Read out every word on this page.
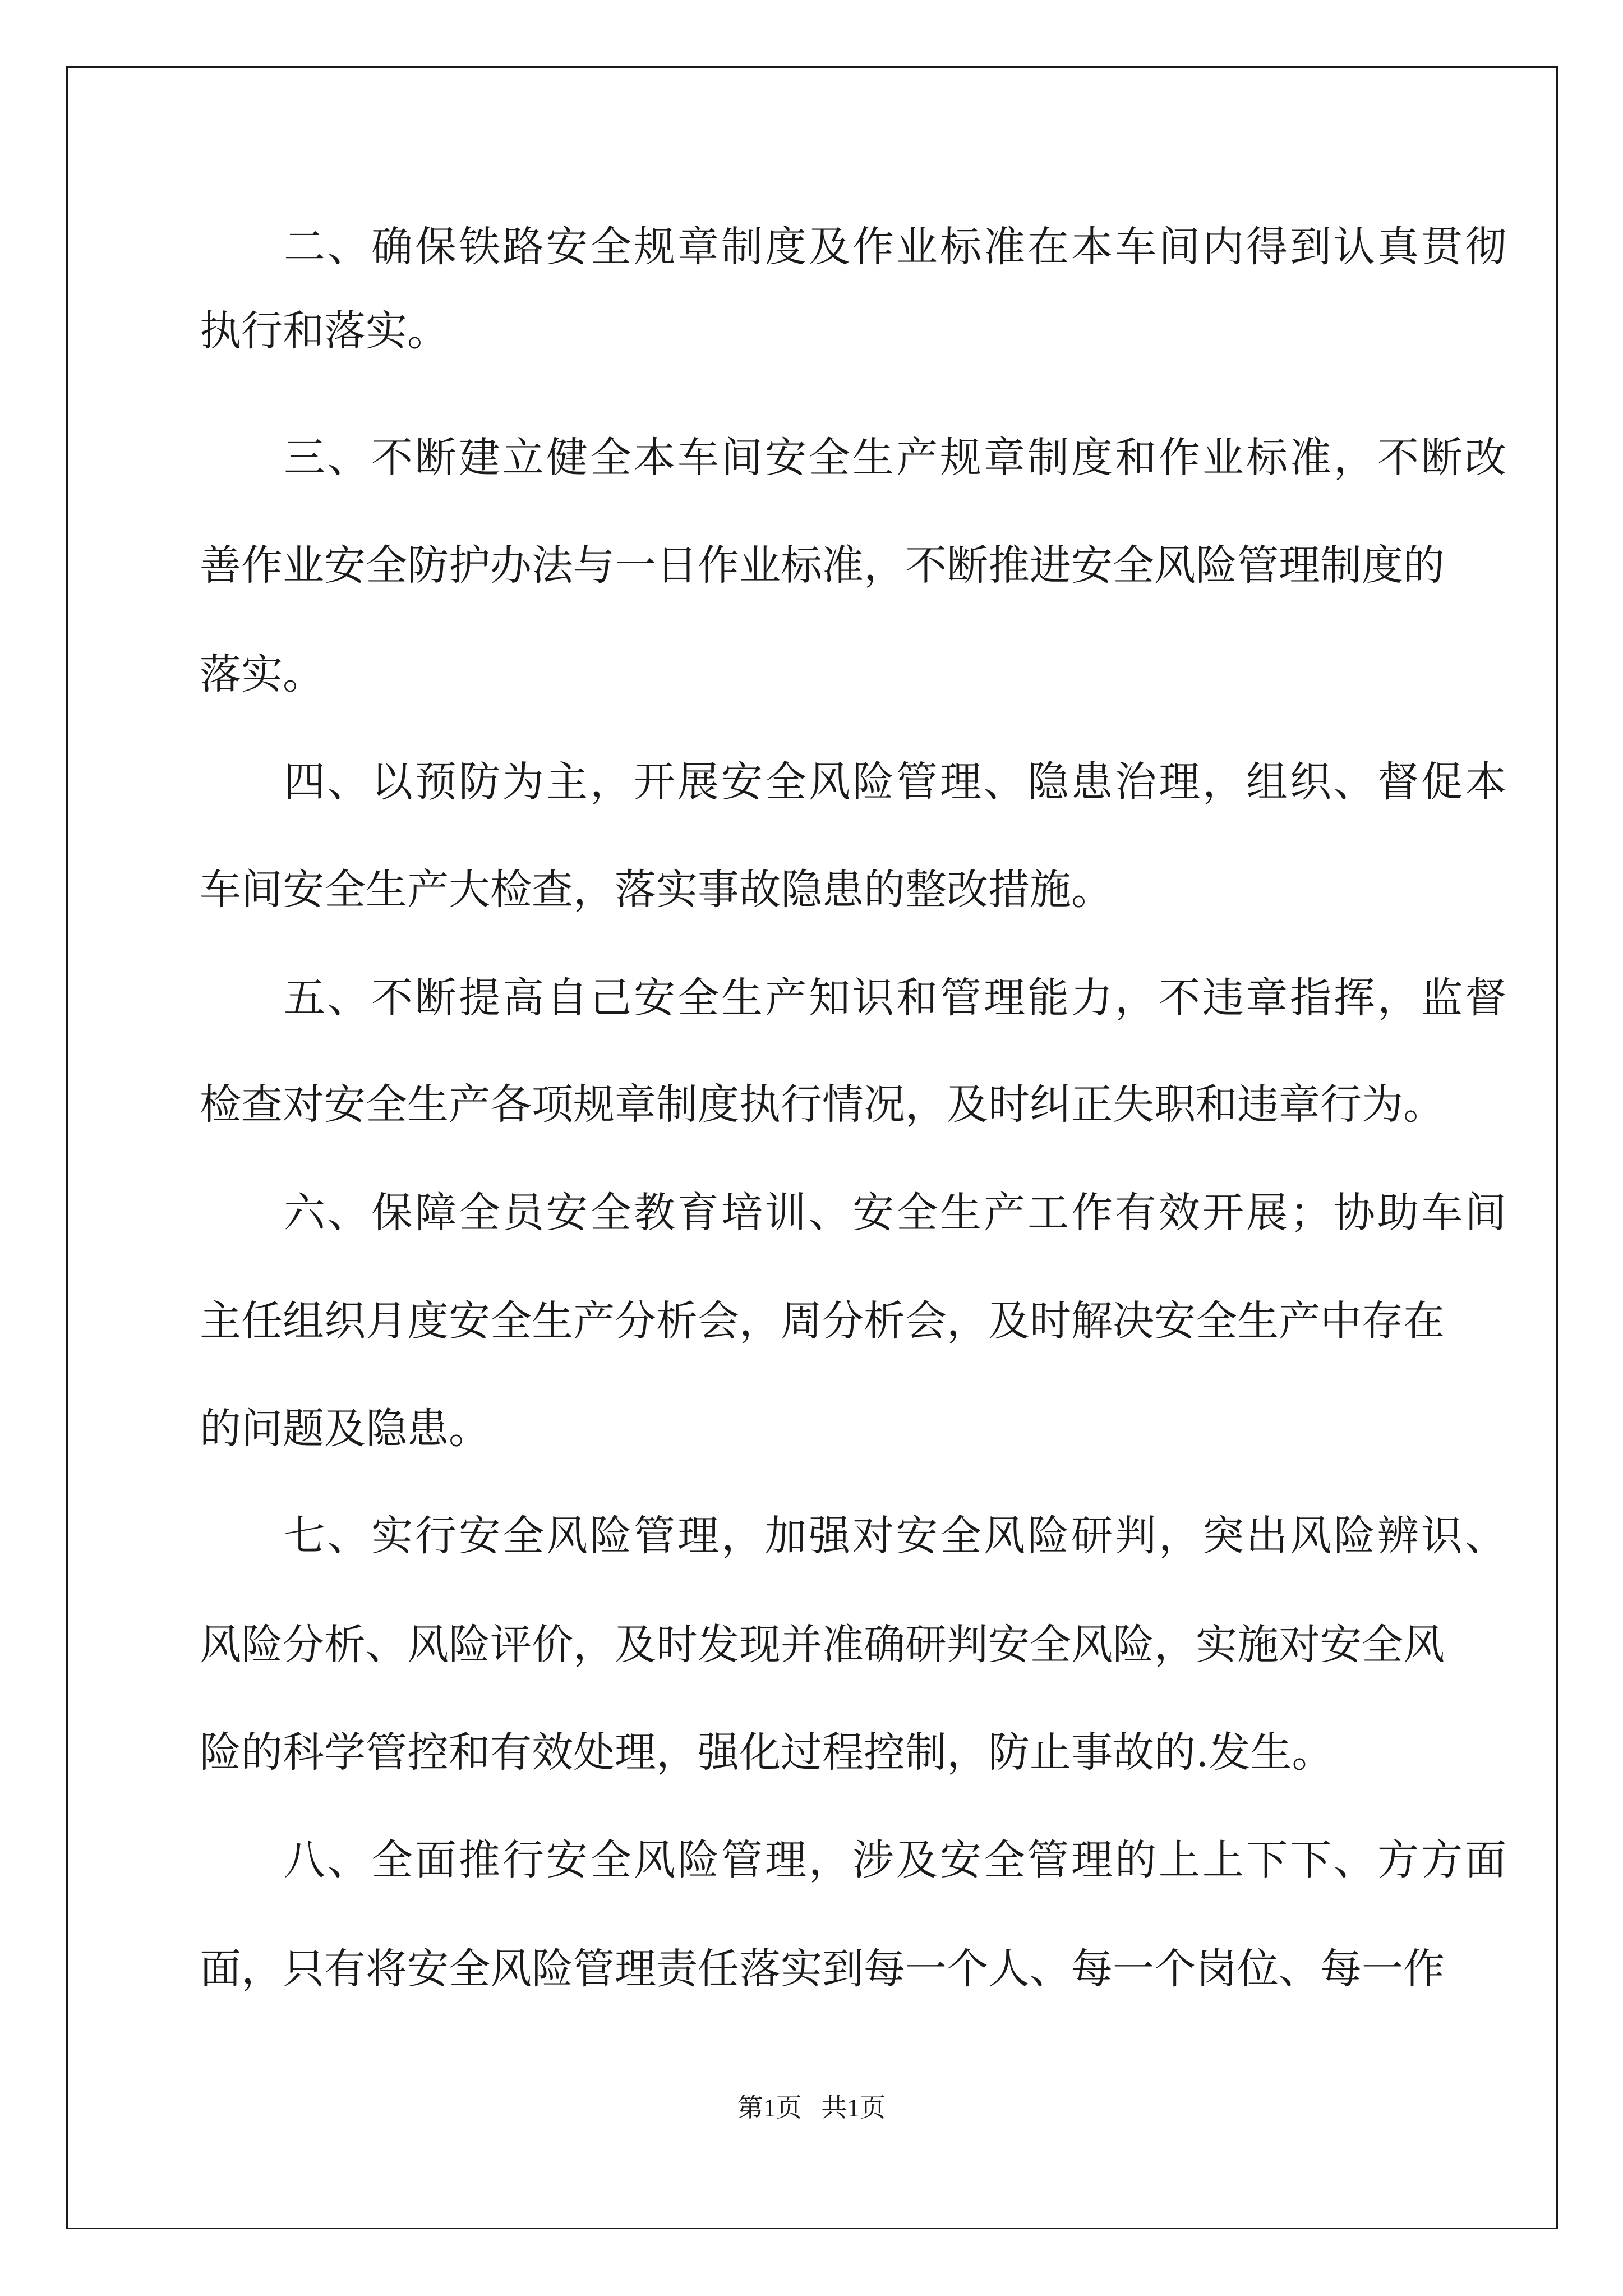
二、确保铁路安全规章制度及作业标准在本车间内得到认真贯彻

执行和落实。

三、不断建立健全本车间安全生产规章制度和作业标准，不断改

善作业安全防护办法与一日作业标准，不断推进安全风险管理制度的

落实。

四、以预防为主，开展安全风险管理、隐患治理，组织、督促本

车间安全生产大检查，落实事故隐患的整改措施。

五、不断提高自己安全生产知识和管理能力，不违章指挥，监督

检查对安全生产各项规章制度执行情况，及时纠正失职和违章行为。

六、保障全员安全教育培训、安全生产工作有效开展；协助车间

主任组织月度安全生产分析会，周分析会，及时解决安全生产中存在

的问题及隐患。

七、实行安全风险管理，加强对安全风险研判，突出风险辨识、

风险分析、风险评价，及时发现并准确研判安全风险，实施对安全风

险的科学管控和有效处理，强化过程控制，防止事故的.发生。

八、全面推行安全风险管理，涉及安全管理的上上下下、方方面

面，只有将安全风险管理责任落实到每一个人、每一个岗位、每一作

第1页 共1页
